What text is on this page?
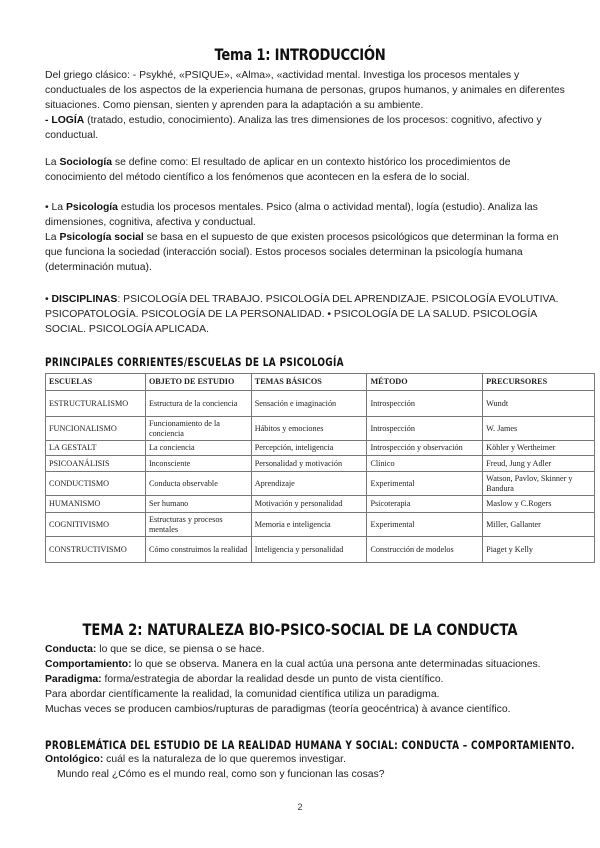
Tema 1: INTRODUCCIÓN

Del griego clásico: - Psykhé, «PSIQUE», «Alma», «actividad mental. Investiga los procesos mentales y conductuales de los aspectos de la experiencia humana de personas, grupos humanos, y animales en diferentes situaciones. Como piensan, sienten y aprenden para la adaptación a su ambiente.
- LOGÍA (tratado, estudio, conocimiento). Analiza las tres dimensiones de los procesos: cognitivo, afectivo y conductual.

La Sociología se define como: El resultado de aplicar en un contexto histórico los procedimientos de conocimiento del método científico a los fenómenos que acontecen en la esfera de lo social.

• La Psicología estudia los procesos mentales. Psico (alma o actividad mental), logía (estudio). Analiza las dimensiones, cognitiva, afectiva y conductual.
La Psicología social se basa en el supuesto de que existen procesos psicológicos que determinan la forma en que funciona la sociedad (interacción social). Estos procesos sociales determinan la psicología humana (determinación mutua).

• DISCIPLINAS: PSICOLOGÍA DEL TRABAJO. PSICOLOGÍA DEL APRENDIZAJE. PSICOLOGÍA EVOLUTIVA. PSICOPATOLOGÍA. PSICOLOGÍA DE LA PERSONALIDAD. • PSICOLOGÍA DE LA SALUD. PSICOLOGÍA SOCIAL. PSICOLOGÍA APLICADA.

PRINCIPALES CORRIENTES/ESCUELAS DE LA PSICOLOGÍA
ESCUELAS	OBJETO DE ESTUDIO	TEMAS BÁSICOS	MÉTODO	PRECURSORES
ESTRUCTURALISMO	Estructura de la conciencia	Sensación e imaginación	Introspección	Wundt
FUNCIONALISMO	Funcionamiento de la conciencia	Hábitos y emociones	Introspección	W. James
LA GESTALT	La conciencia	Percepción, inteligencia	Introspección y observación	Köhler y Wertheimer
PSICOANÁLISIS	Inconsciente	Personalidad y motivación	Clínico	Freud, Jung y Adler
CONDUCTISMO	Conducta observable	Aprendizaje	Experimental	Watson, Pavlov, Skinner y Bandura
HUMANISMO	Ser humano	Motivación y personalidad	Psicoterapia	Maslow y C.Rogers
COGNITIVISMO	Estructuras y procesos mentales	Memoria e inteligencia	Experimental	Miller, Gallanter
CONSTRUCTIVISMO	Cómo construimos la realidad	Inteligencia y personalidad	Construcción de modelos	Piaget y Kelly
TEMA 2: NATURALEZA BIO-PSICO-SOCIAL DE LA CONDUCTA

Conducta: lo que se dice, se piensa o se hace.
Comportamiento: lo que se observa. Manera en la cual actúa una persona ante determinadas situaciones.
Paradigma: forma/estrategia de abordar la realidad desde un punto de vista científico.
Para abordar científicamente la realidad, la comunidad científica utiliza un paradigma.
Muchas veces se producen cambios/rupturas de paradigmas (teoría geocéntrica) à avance científico.

PROBLEMÁTICA DEL ESTUDIO DE LA REALIDAD HUMANA Y SOCIAL: CONDUCTA – COMPORTAMIENTO.

Ontológico: cuál es la naturaleza de lo que queremos investigar.
Mundo real ¿Cómo es el mundo real, como son y funcionan las cosas?

2
